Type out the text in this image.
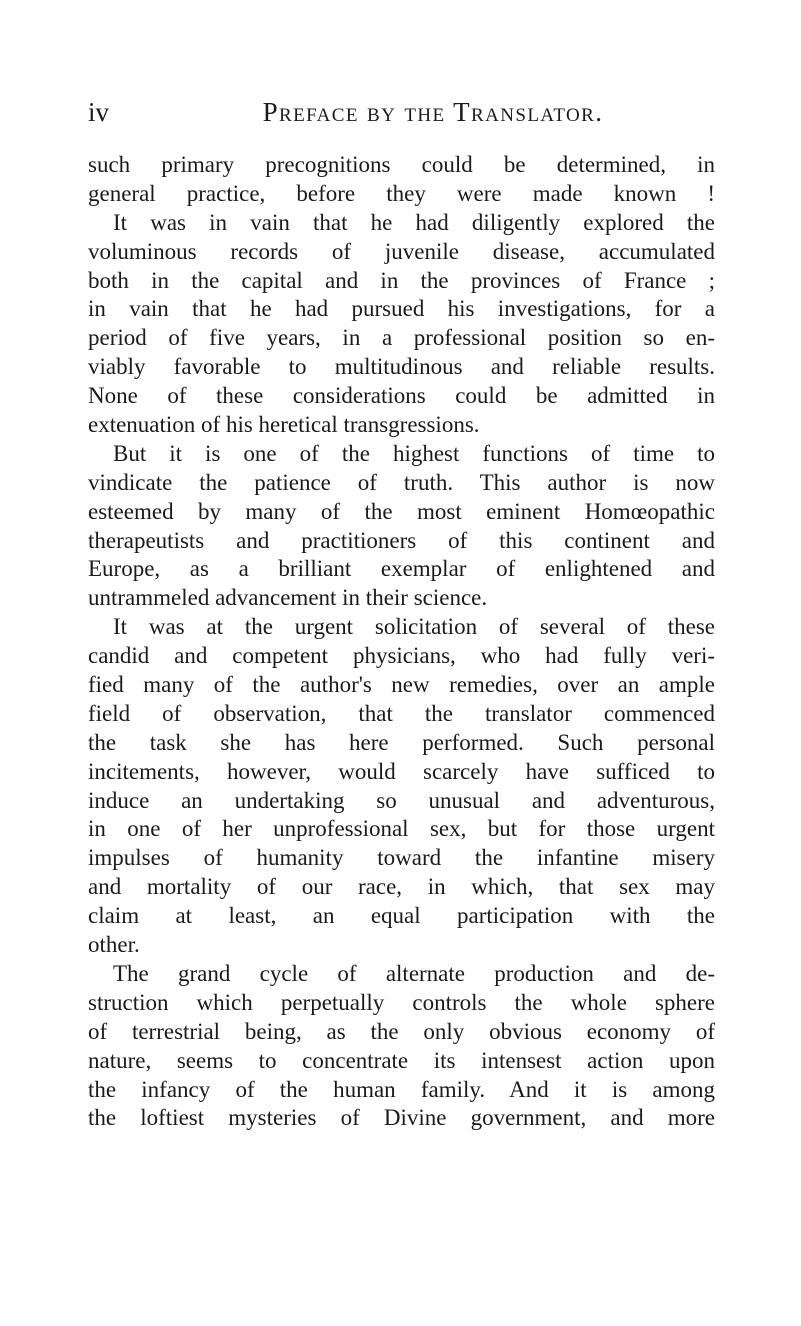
iv	Preface by the Translator.
such primary precognitions could be determined, in
general practice, before they were made known !
It was in vain that he had diligently explored the
voluminous records of juvenile disease, accumulated
both in the capital and in the provinces of France ;
in vain that he had pursued his investigations, for a
period of five years, in a professional position so en-
viably favorable to multitudinous and reliable results.
None of these considerations could be admitted in
extenuation of his heretical transgressions.
But it is one of the highest functions of time to
vindicate the patience of truth. This author is now
esteemed by many of the most eminent Homœopathic
therapeutists and practitioners of this continent and
Europe, as a brilliant exemplar of enlightened and
untrammeled advancement in their science.
It was at the urgent solicitation of several of these
candid and competent physicians, who had fully veri-
fied many of the author's new remedies, over an ample
field of observation, that the translator commenced
the task she has here performed. Such personal
incitements, however, would scarcely have sufficed to
induce an undertaking so unusual and adventurous,
in one of her unprofessional sex, but for those urgent
impulses of humanity toward the infantine misery
and mortality of our race, in which, that sex may
claim at least, an equal participation with the
other.
The grand cycle of alternate production and de-
struction which perpetually controls the whole sphere
of terrestrial being, as the only obvious economy of
nature, seems to concentrate its intensest action upon
the infancy of the human family. And it is among
the loftiest mysteries of Divine government, and more
